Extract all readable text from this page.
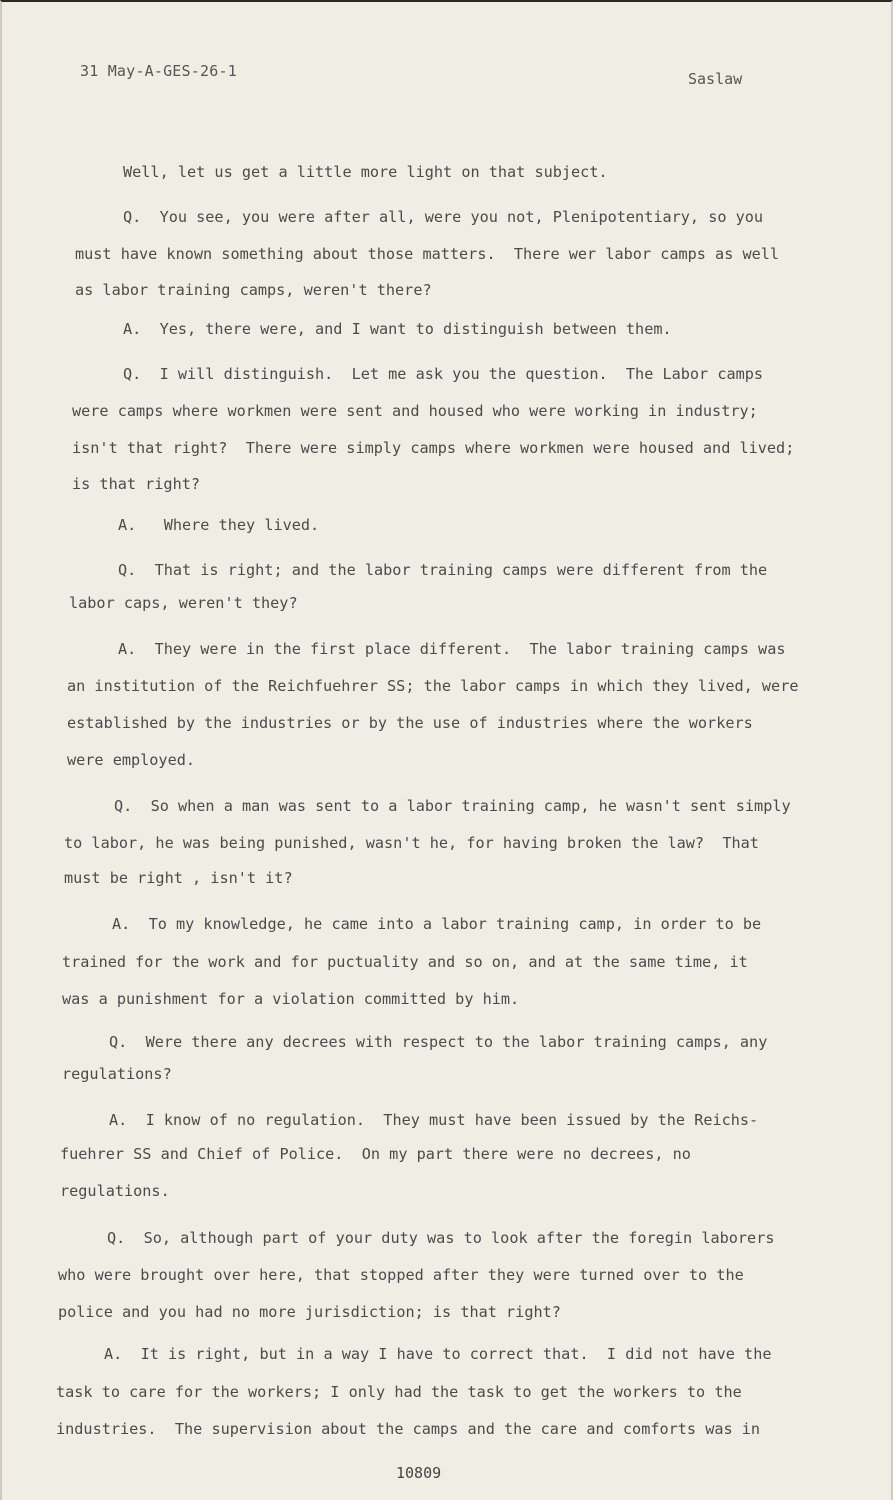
31 May-A-GES-26-1	Saslaw
Well, let us get a little more light on that subject.
Q.  You see, you were after all, were you not, Plenipotentiary, so you
must have known something about those matters.  There wer labor camps as well
as labor training camps, weren't there?
A.  Yes, there were, and I want to distinguish between them.
Q.  I will distinguish.  Let me ask you the question.  The Labor camps
were camps where workmen were sent and housed who were working in industry;
isn't that right?  There were simply camps where workmen were housed and lived;
is that right?
A.   Where they lived.
Q.  That is right; and the labor training camps were different from the
labor caps, weren't they?
A.  They were in the first place different.  The labor training camps was
an institution of the Reichfuehrer SS; the labor camps in which they lived, were
established by the industries or by the use of industries where the workers
were employed.
Q.  So when a man was sent to a labor training camp, he wasn't sent simply
to labor, he was being punished, wasn't he, for having broken the law?  That
must be right , isn't it?
A.  To my knowledge, he came into a labor training camp, in order to be
trained for the work and for puctuality and so on, and at the same time, it
was a punishment for a violation committed by him.
Q.  Were there any decrees with respect to the labor training camps, any
regulations?
A.  I know of no regulation.  They must have been issued by the Reichs-
fuehrer SS and Chief of Police.  On my part there were no decrees, no
regulations.
Q.  So, although part of your duty was to look after the foregin laborers
who were brought over here, that stopped after they were turned over to the
police and you had no more jurisdiction; is that right?
A.  It is right, but in a way I have to correct that.  I did not have the
task to care for the workers; I only had the task to get the workers to the
industries.  The supervision about the camps and the care and comforts was in
10809
